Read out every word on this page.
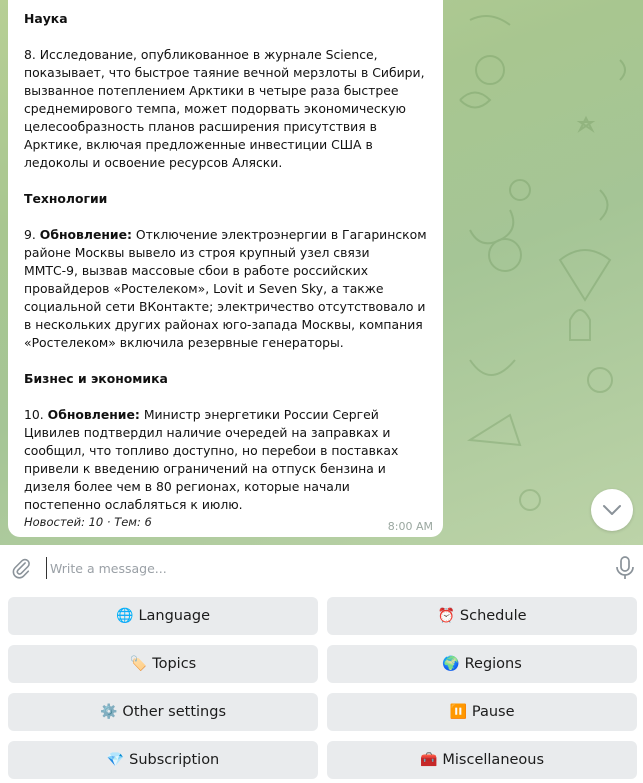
Наука
8. Исследование, опубликованное в журнале Science, показывает, что быстрое таяние вечной мерзлоты в Сибири, вызванное потеплением Арктики в четыре раза быстрее среднемирового темпа, может подорвать экономическую целесообразность планов расширения присутствия в Арктике, включая предложенные инвестиции США в ледоколы и освоение ресурсов Аляски.
Технологии
9. Обновление: Отключение электроэнергии в Гагаринском районе Москвы вывело из строя крупный узел связи ММТС-9, вызвав массовые сбои в работе российских провайдеров «Ростелеком», Lovit и Seven Sky, а также социальной сети ВКонтакте; электричество отсутствовало и в нескольких других районах юго-запада Москвы, компания «Ростелеком» включила резервные генераторы.
Бизнес и экономика
10. Обновление: Министр энергетики России Сергей Цивилев подтвердил наличие очередей на заправках и сообщил, что топливо доступно, но перебои в поставках привели к введению ограничений на отпуск бензина и дизеля более чем в 80 регионах, которые начали постепенно ослабляться к июлю.
Новостей: 10 · Тем: 6	8:00 AM
Write a message...
🌐 Language	⏰ Schedule
🏷️ Topics	🌍 Regions
⚙️ Other settings	⏸️ Pause
💎 Subscription	🧰 Miscellaneous
